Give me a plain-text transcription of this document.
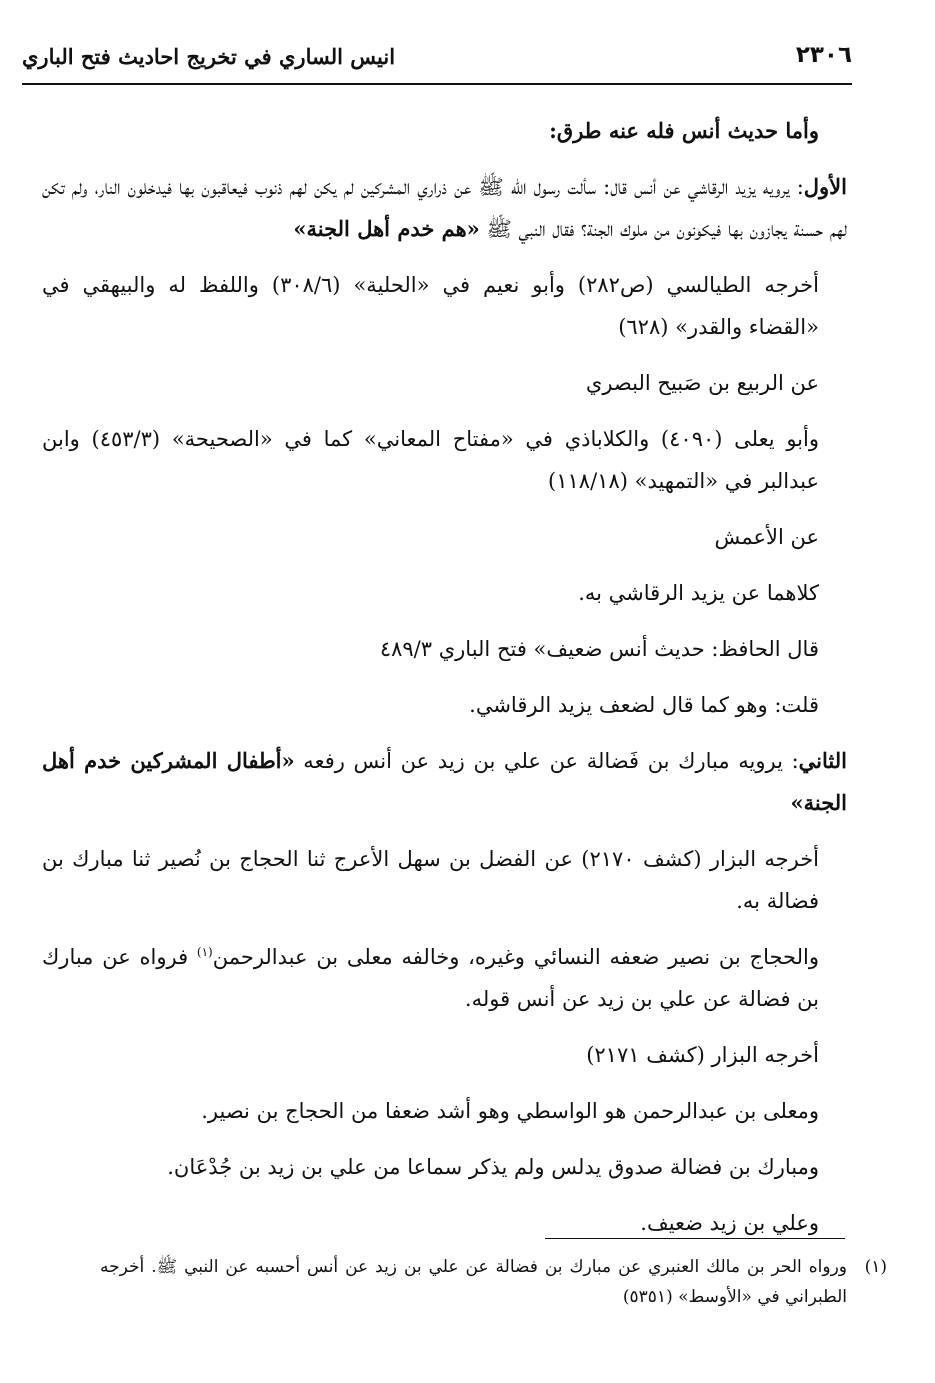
٢٣٠٦
انيس الساري في تخريج احاديث فتح الباري

وأما حديث أنس فله عنه طرق:

الأول: يرويه يزيد الرقاشي عن أنس قال: سألت رسول الله ﷺ عن ذراري المشركين لم يكن لهم ذنوب فيعاقبون بها فيدخلون النار، ولم تكن لهم حسنة يجازون بها فيكونون من ملوك الجنة؟ فقال النبي ﷺ «هم خدم أهل الجنة»

أخرجه الطيالسي (ص٢٨٢) وأبو نعيم في «الحلية» (٣٠٨/٦) واللفظ له والبيهقي في «القضاء والقدر» (٦٢٨)

عن الربيع بن صَبيح البصري

وأبو يعلى (٤٠٩٠) والكلاباذي في «مفتاح المعاني» كما في «الصحيحة» (٤٥٣/٣) وابن عبدالبر في «التمهيد» (١١٨/١٨)

عن الأعمش

كلاهما عن يزيد الرقاشي به.

قال الحافظ: حديث أنس ضعيف» فتح الباري ٤٨٩/٣

قلت: وهو كما قال لضعف يزيد الرقاشي.

الثاني: يرويه مبارك بن فَضالة عن علي بن زيد عن أنس رفعه «أطفال المشركين خدم أهل الجنة»

أخرجه البزار (كشف ٢١٧٠) عن الفضل بن سهل الأعرج ثنا الحجاج بن نُصير ثنا مبارك بن فضالة به.

والحجاج بن نصير ضعفه النسائي وغيره، وخالفه معلى بن عبدالرحمن$^{(١)}$ فرواه عن مبارك بن فضالة عن علي بن زيد عن أنس قوله.

أخرجه البزار (كشف ٢١٧١)

ومعلى بن عبدالرحمن هو الواسطي وهو أشد ضعفا من الحجاج بن نصير.

ومبارك بن فضالة صدوق يدلس ولم يذكر سماعا من علي بن زيد بن جُدْعَان.

وعلي بن زيد ضعيف.

(١)
ورواه الحر بن مالك العنبري عن مبارك بن فضالة عن علي بن زيد عن أنس أحسبه عن النبي ﷺ. أخرجه الطبراني في «الأوسط» (٥٣٥١)
